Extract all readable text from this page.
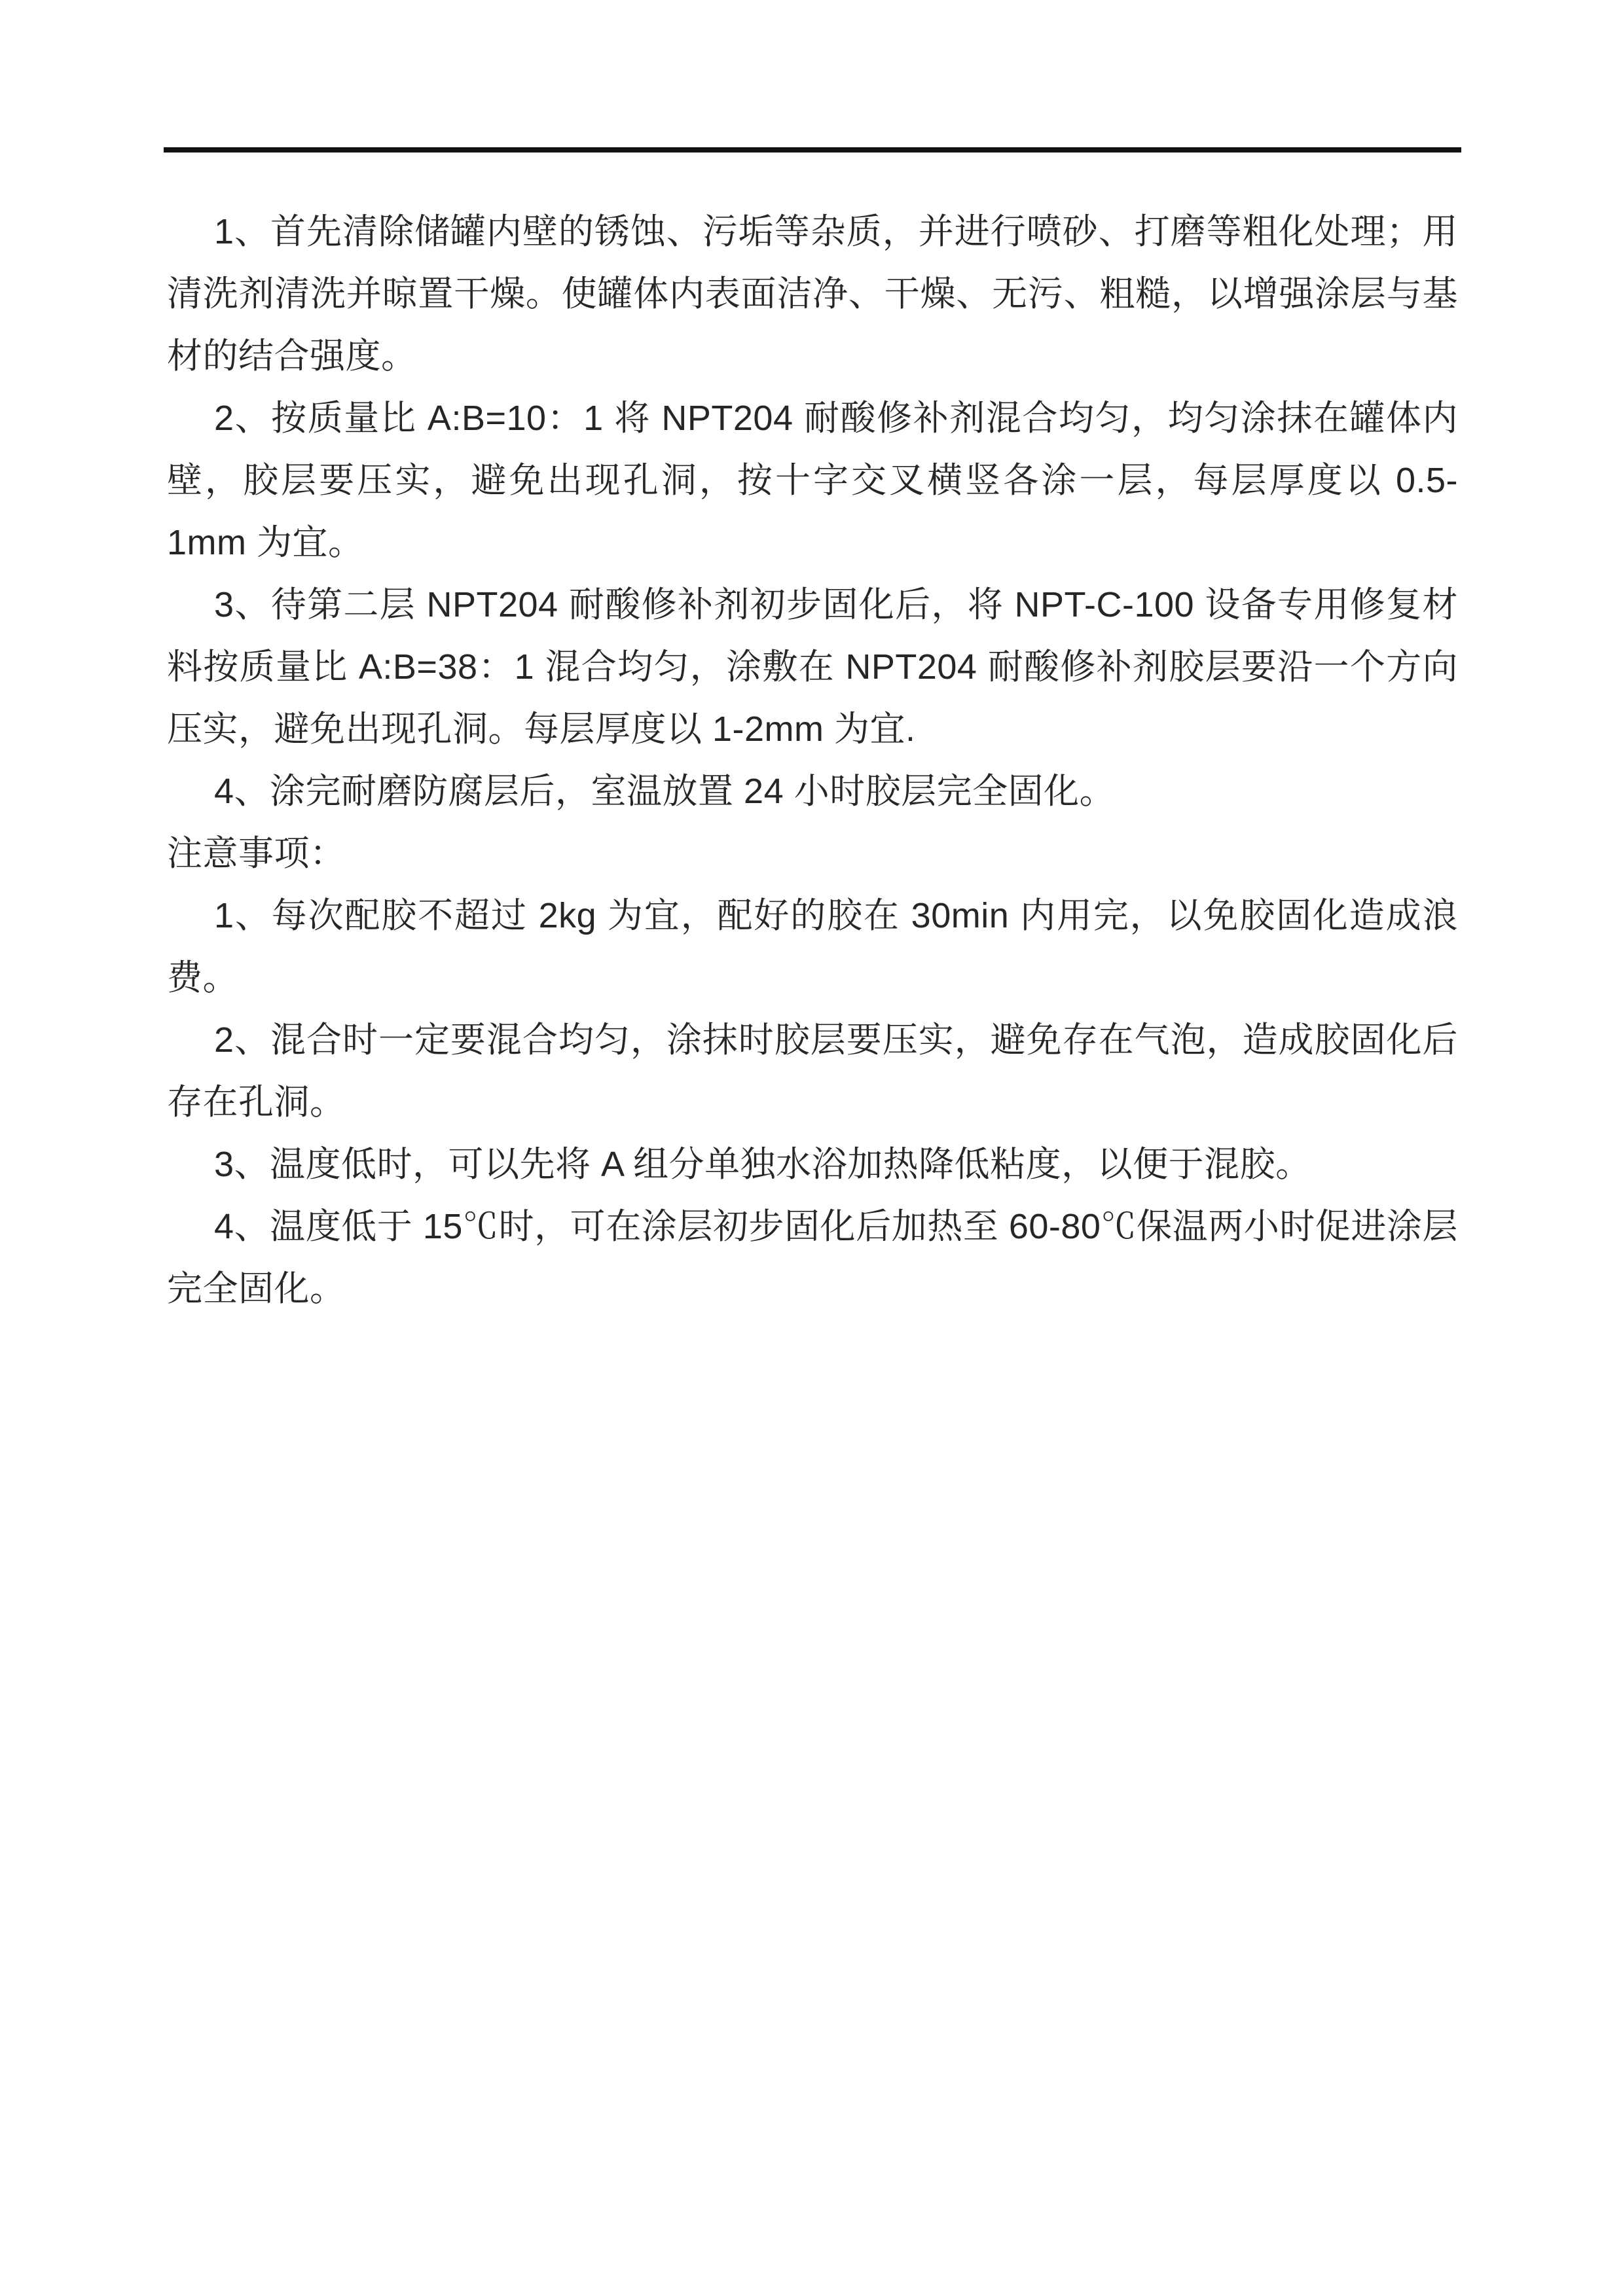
1、首先清除储罐内壁的锈蚀、污垢等杂质，并进行喷砂、打磨等粗化处理；用清洗剂清洗并晾置干燥。使罐体内表面洁净、干燥、无污、粗糙，以增强涂层与基材的结合强度。

2、按质量比 A:B=10：1 将 NPT204 耐酸修补剂混合均匀，均匀涂抹在罐体内壁，胶层要压实，避免出现孔洞，按十字交叉横竖各涂一层，每层厚度以 0.5-1mm 为宜。

3、待第二层 NPT204 耐酸修补剂初步固化后，将 NPT-C-100 设备专用修复材料按质量比 A:B=38：1 混合均匀，涂敷在 NPT204 耐酸修补剂胶层要沿一个方向压实，避免出现孔洞。每层厚度以 1-2mm 为宜.

4、涂完耐磨防腐层后，室温放置 24 小时胶层完全固化。

注意事项：

1、每次配胶不超过 2kg 为宜，配好的胶在 30min 内用完，以免胶固化造成浪费。

2、混合时一定要混合均匀，涂抹时胶层要压实，避免存在气泡，造成胶固化后存在孔洞。

3、温度低时，可以先将 A 组分单独水浴加热降低粘度，以便于混胶。

4、温度低于 15℃时，可在涂层初步固化后加热至 60-80℃保温两小时促进涂层完全固化。
